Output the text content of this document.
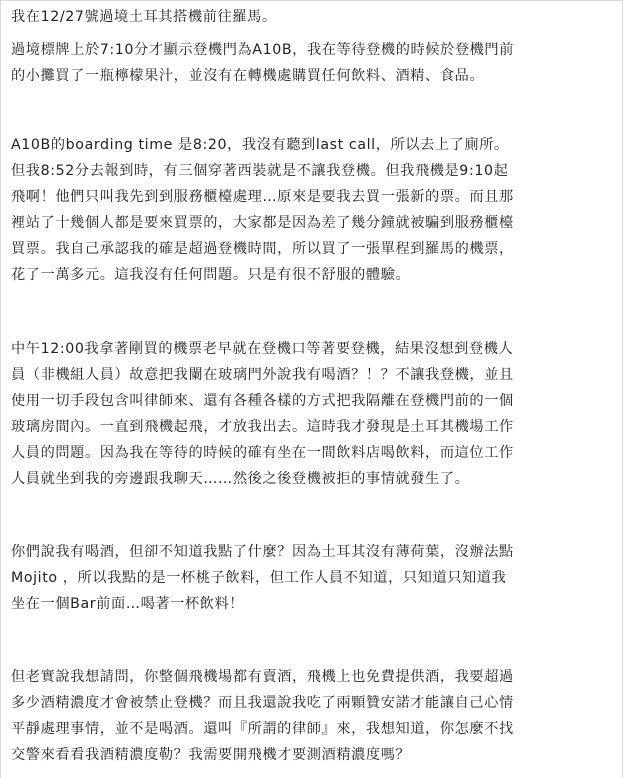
我在12/27號過境土耳其搭機前往羅馬。
過境標牌上於7:10分才顯示登機門為A10B，我在等待登機的時候於登機門前
的小攤買了一瓶檸檬果汁，並沒有在轉機處購買任何飲料、酒精、食品。
A10B的boarding time 是8:20，我沒有聽到last call，所以去上了廁所。
但我8:52分去報到時，有三個穿著西裝就是不讓我登機。但我飛機是9:10起
飛啊！他們只叫我先到到服務櫃檯處理…原來是要我去買一張新的票。而且那
裡站了十幾個人都是要來買票的，大家都是因為差了幾分鐘就被騙到服務櫃檯
買票。我自己承認我的確是超過登機時間，所以買了一張單程到羅馬的機票，
花了一萬多元。這我沒有任何問題。只是有很不舒服的體驗。
中午12:00我拿著剛買的機票老早就在登機口等著要登機，結果沒想到登機人
員（非機組人員）故意把我闌在玻璃門外說我有喝酒？！？不讓我登機，並且
使用一切手段包含叫律師來、還有各種各樣的方式把我隔離在登機門前的一個
玻璃房間內。一直到飛機起飛，才放我出去。這時我才發現是土耳其機場工作
人員的問題。因為我在等待的時候的確有坐在一間飲料店喝飲料，而這位工作
人員就坐到我的旁邊跟我聊天……然後之後登機被拒的事情就發生了。
你們說我有喝酒，但卻不知道我點了什麼？因為土耳其沒有薄荷葉，沒辦法點
Mojito ，所以我點的是一杯桃子飲料，但工作人員不知道，只知道只知道我
坐在一個Bar前面…喝著一杯飲料！
但老實說我想請問，你整個飛機場都有賣酒，飛機上也免費提供酒，我要超過
多少酒精濃度才會被禁止登機？而且我還說我吃了兩顆贊安諾才能讓自己心情
平靜處理事情，並不是喝酒。還叫『所謂的律師』來，我想知道，你怎麼不找
交警來看看我酒精濃度勒？我需要開飛機才要測酒精濃度嗎？
